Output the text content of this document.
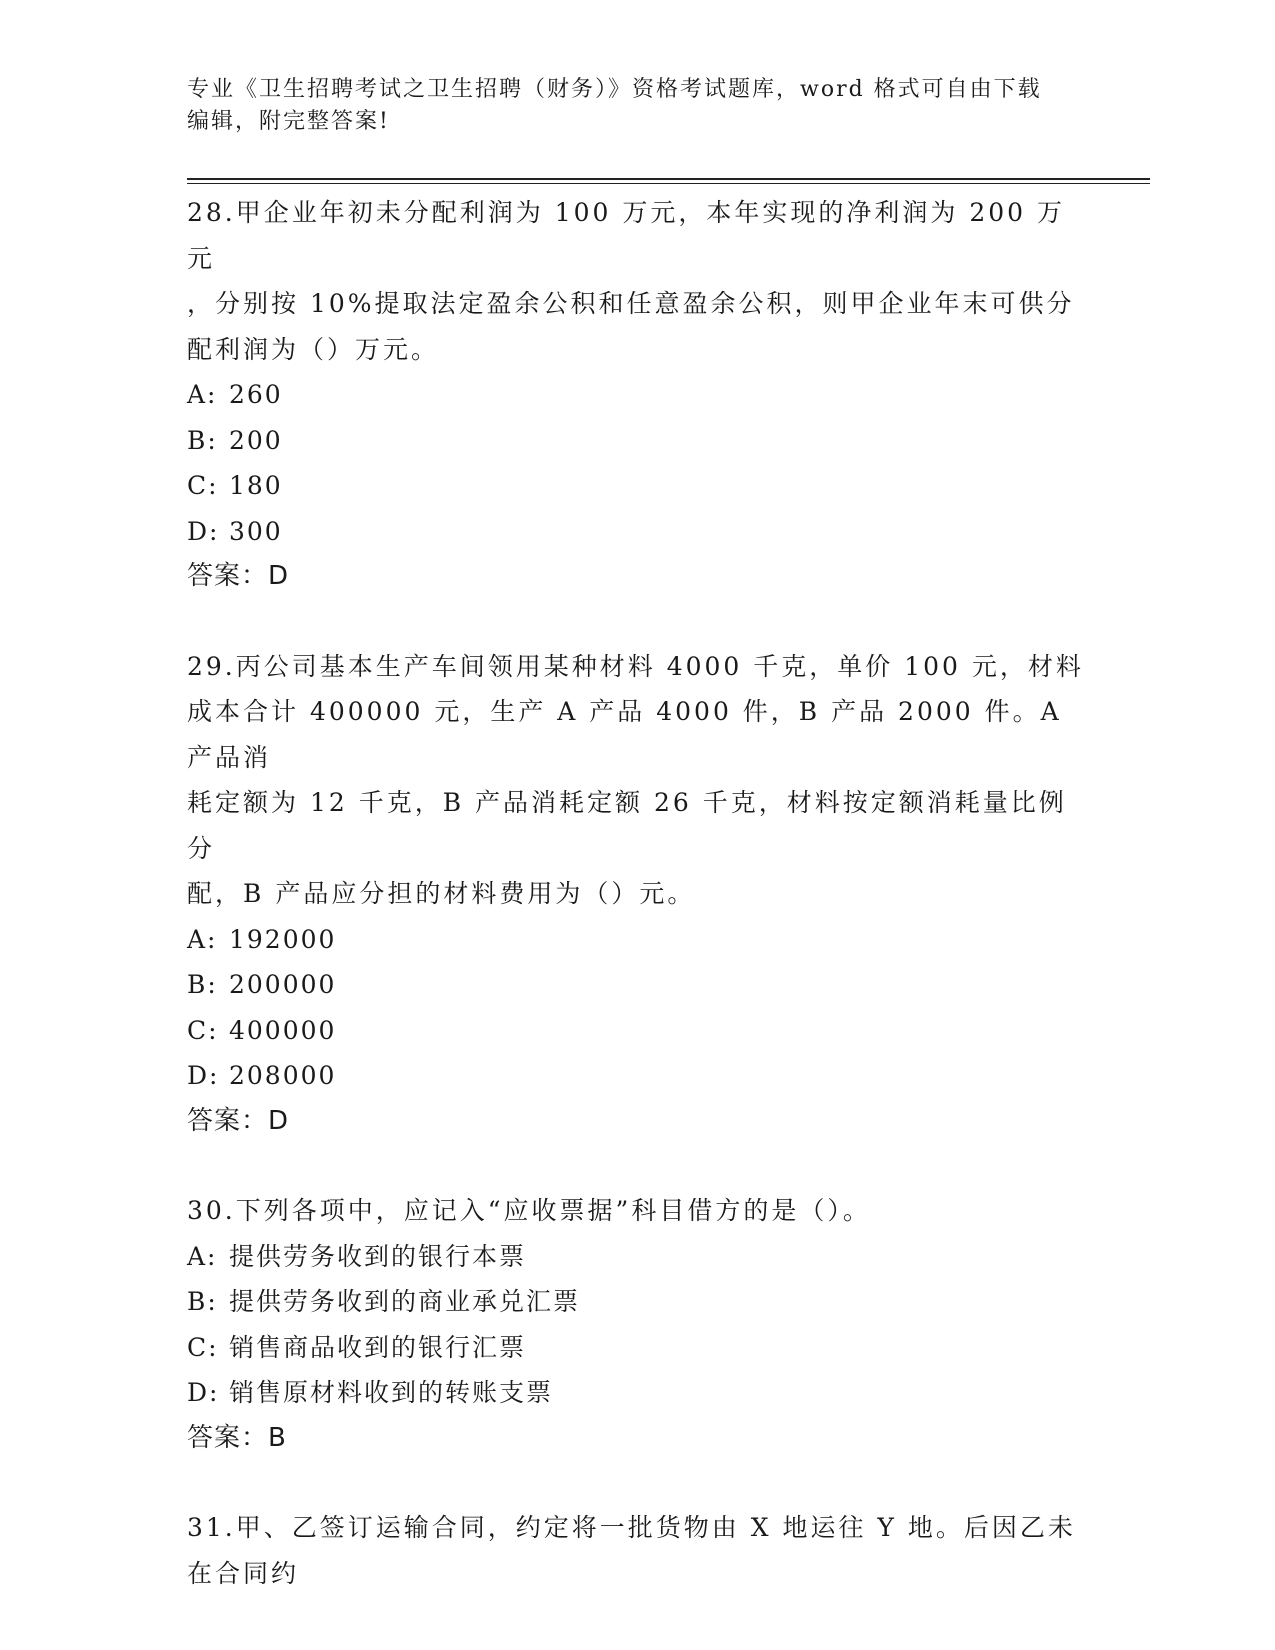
专业《卫生招聘考试之卫生招聘（财务）》资格考试题库，word 格式可自由下载
编辑，附完整答案!

28.甲企业年初未分配利润为 100 万元，本年实现的净利润为 200 万元

，分别按 10%提取法定盈余公积和任意盈余公积，则甲企业年末可供分

配利润为（）万元。

A: 260

B: 200

C: 180

D: 300

答案：D

29.丙公司基本生产车间领用某种材料 4000 千克，单价 100 元，材料

成本合计 400000 元，生产 A 产品 4000 件，B 产品 2000 件。A 产品消

耗定额为 12 千克，B 产品消耗定额 26 千克，材料按定额消耗量比例分

配，B 产品应分担的材料费用为（）元。

A: 192000

B: 200000

C: 400000

D: 208000

答案：D

30.下列各项中，应记入“应收票据”科目借方的是（）。

A: 提供劳务收到的银行本票

B: 提供劳务收到的商业承兑汇票

C: 销售商品收到的银行汇票

D: 销售原材料收到的转账支票

答案：B

31.甲、乙签订运输合同，约定将一批货物由 X 地运往 Y 地。后因乙未

在合同约
